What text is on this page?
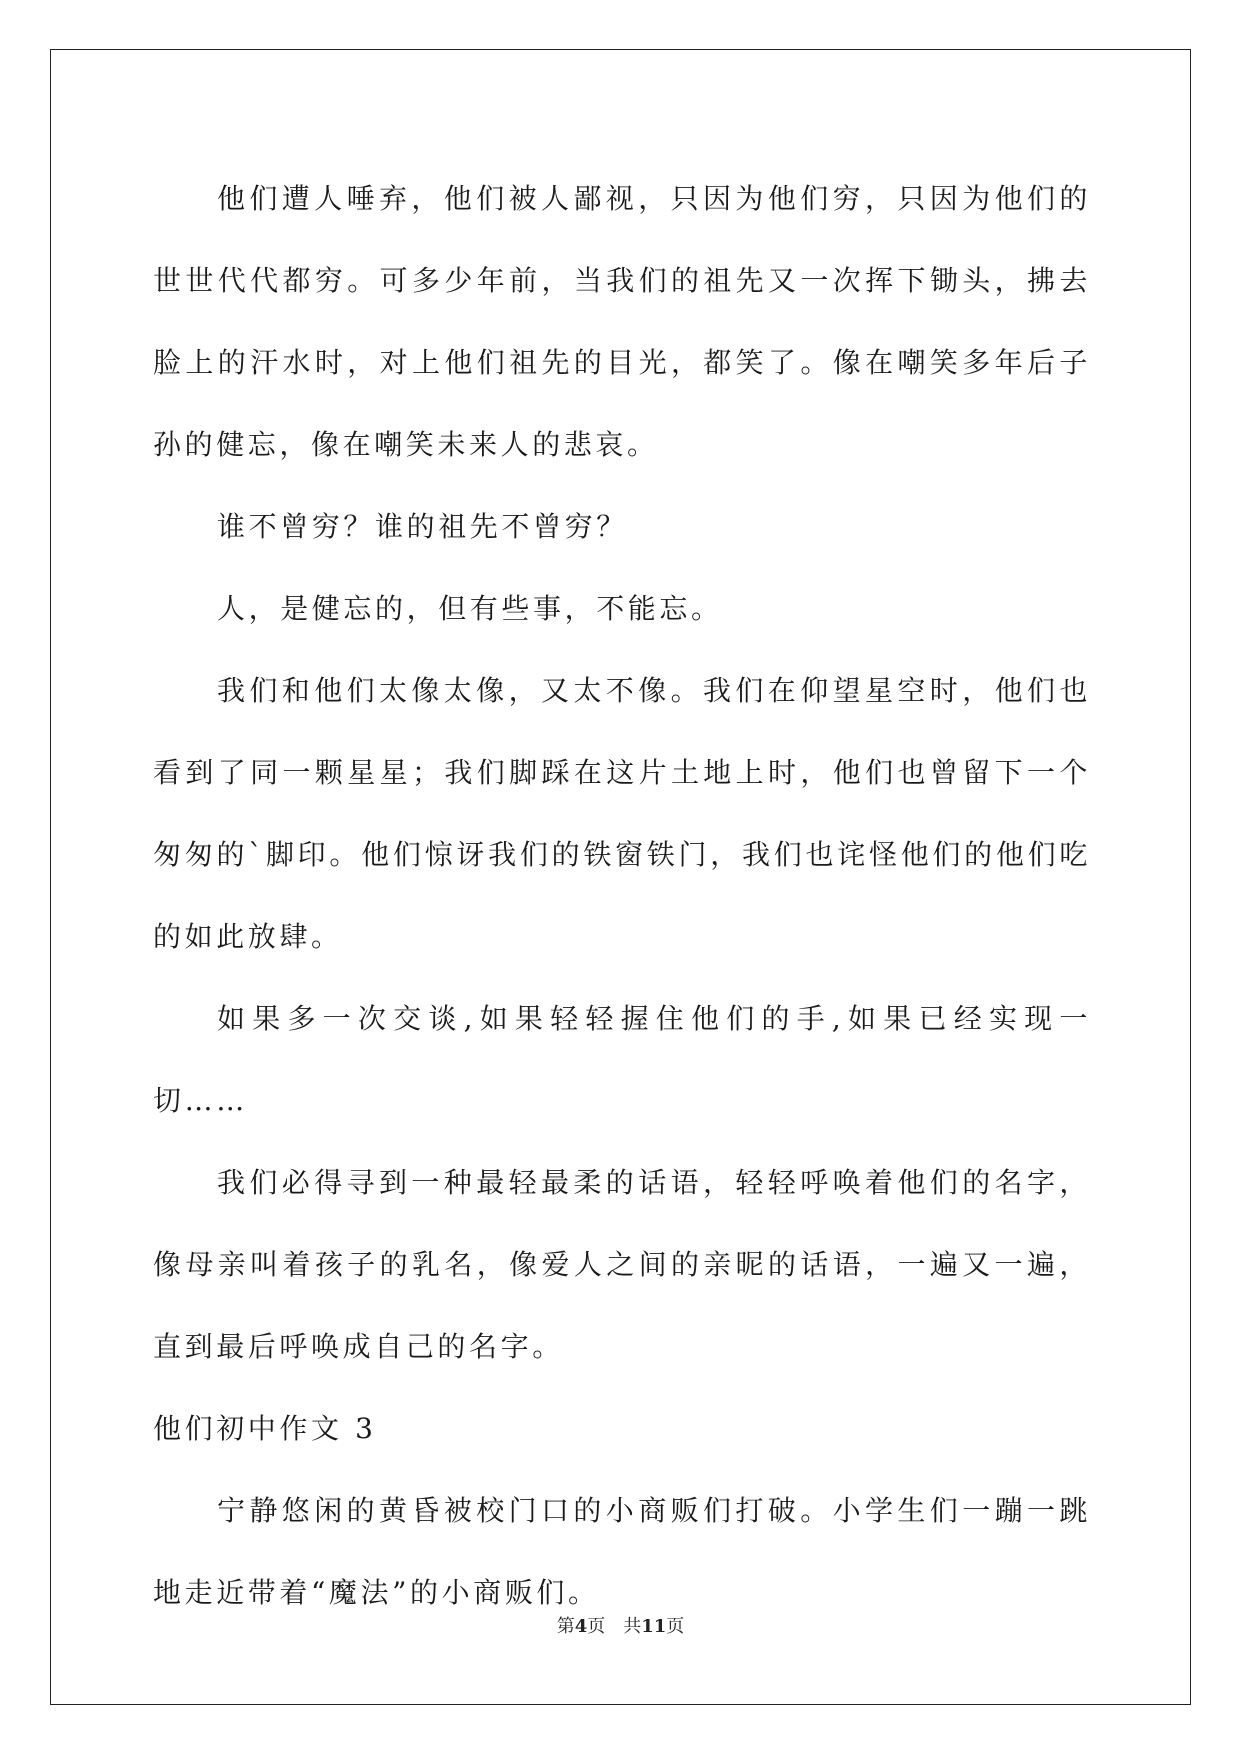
他们遭人唾弃，他们被人鄙视，只因为他们穷，只因为他们的世世代代都穷。可多少年前，当我们的祖先又一次挥下锄头，拂去脸上的汗水时，对上他们祖先的目光，都笑了。像在嘲笑多年后子孙的健忘，像在嘲笑未来人的悲哀。

谁不曾穷？谁的祖先不曾穷？

人，是健忘的，但有些事，不能忘。

我们和他们太像太像，又太不像。我们在仰望星空时，他们也看到了同一颗星星；我们脚踩在这片土地上时，他们也曾留下一个匆匆的`脚印。他们惊讶我们的铁窗铁门，我们也诧怪他们的他们吃的如此放肆。

如果多一次交谈,如果轻轻握住他们的手,如果已经实现一切……

我们必得寻到一种最轻最柔的话语，轻轻呼唤着他们的名字，像母亲叫着孩子的乳名，像爱人之间的亲昵的话语，一遍又一遍，直到最后呼唤成自己的名字。

他们初中作文 3

宁静悠闲的黄昏被校门口的小商贩们打破。小学生们一蹦一跳地走近带着“魔法”的小商贩们。

第4页　共11页
